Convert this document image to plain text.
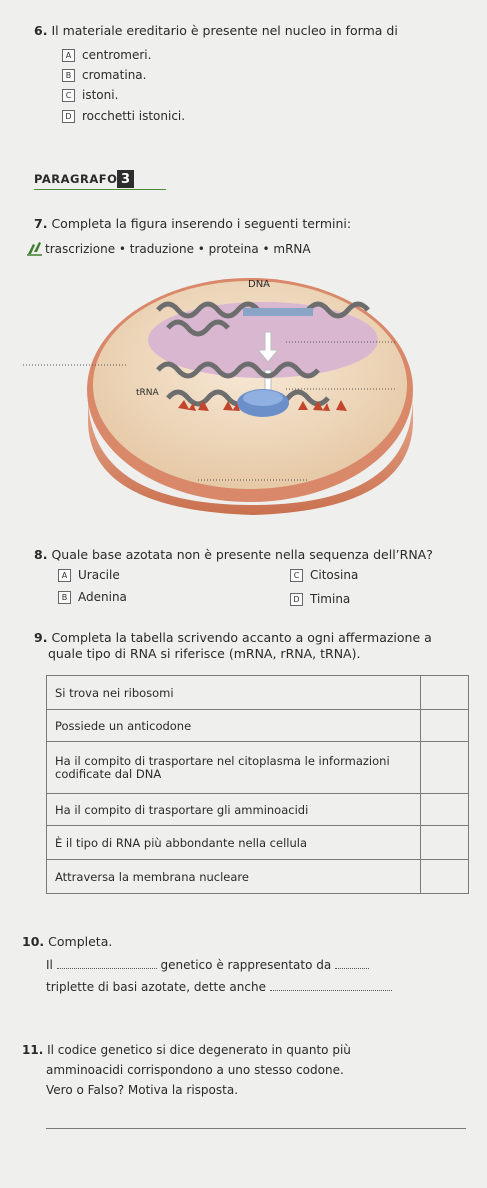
6. Il materiale ereditario è presente nel nucleo in forma di
A centromeri.
B cromatina.
C istoni.
D rocchetti istonici.
PARAGRAFO 3
7. Completa la figura inserendo i seguenti termini:
trascrizione • traduzione • proteina • mRNA
DNA
tRNA
8. Quale base azotata non è presente nella sequenza dell’RNA?
A Uracile	C Citosina
B Adenina	D Timina
9. Completa la tabella scrivendo accanto a ogni affermazione a
quale tipo di RNA si riferisce (mRNA, rRNA, tRNA).
Si trova nei ribosomi	
Possiede un anticodone	
Ha il compito di trasportare nel citoplasma le informazioni codificate dal DNA	
Ha il compito di trasportare gli amminoacidi	
È il tipo di RNA più abbondante nella cellula	
Attraversa la membrana nucleare	
10. Completa.
Il	genetico è rappresentato da
triplette di basi azotate, dette anche
11. Il codice genetico si dice degenerato in quanto più
amminoacidi corrispondono a uno stesso codone.
Vero o Falso? Motiva la risposta.
